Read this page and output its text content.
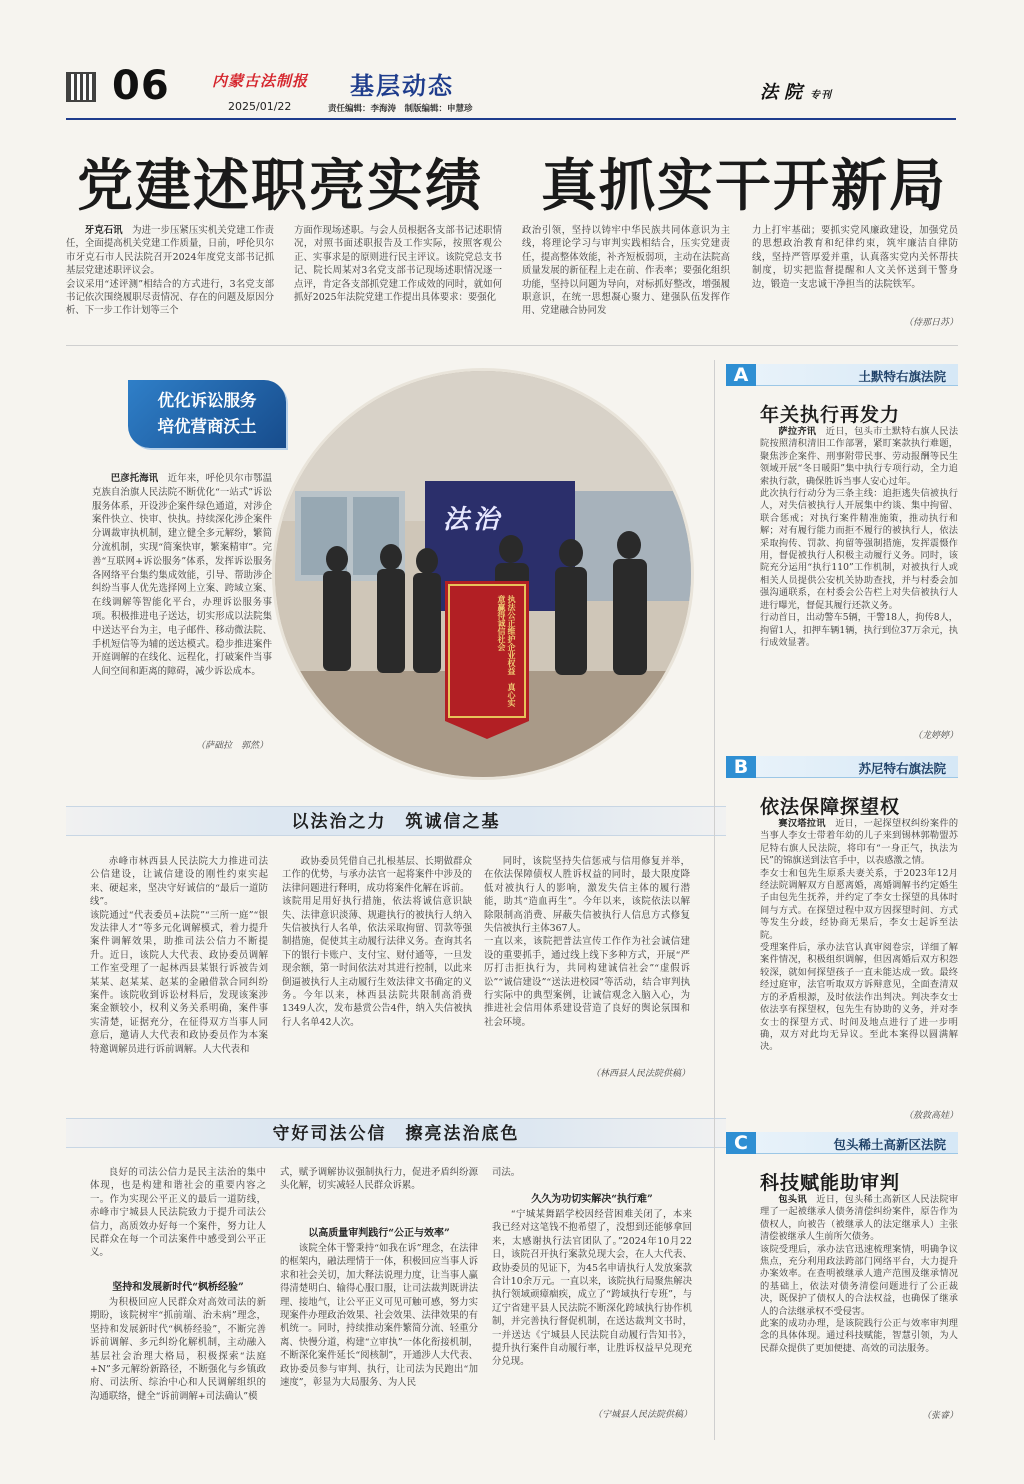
06	内蒙古法制报
2025/01/22
基层动态
责任编辑：李海涛　制版编辑：申慧珍
法院 专刊
党建述职亮实绩　真抓实干开新局
牙克石讯　 为进一步压紧压实机关党建工作责任，全面提高机关党建工作质量，日前，呼伦贝尔市牙克石市人民法院召开2024年度党支部书记抓基层党建述职评议会。
会议采用“述评测”相结合的方式进行，3名党支部书记依次围绕履职尽责情况、存在的问题及原因分析、下一步工作计划等三个
方面作现场述职。与会人员根据各支部书记述职情况，对照书面述职报告及工作实际，按照客观公正、实事求是的原则进行民主评议。该院党总支书记、院长周某对3名党支部书记现场述职情况逐一点评，肯定各支部抓党建工作成效的同时，就如何抓好2025年法院党建工作提出具体要求：要强化
政治引领，坚持以铸牢中华民族共同体意识为主线，将理论学习与审判实践相结合，压实党建责任，提高整体效能，补齐短板弱项，主动在法院高质量发展的新征程上走在前、作表率；要强化组织功能，坚持以问题为导向，对标抓好整改，增强履职意识，在统一思想凝心聚力、建强队伍发挥作用、党建融合协同发
力上打牢基础；要抓实党风廉政建设，加强党员的思想政治教育和纪律约束，筑牢廉洁自律防线，坚持严管厚爱并重，认真落实党内关怀帮扶制度，切实把监督提醒和人文关怀送到干警身边，锻造一支忠诚干净担当的法院铁军。
（侍那日苏）
优化诉讼服务
培优营商沃土
法治
执法公正维护企业权益　真心实意赢得诚信社会
巴彦托海讯　 近年来，呼伦贝尔市鄂温克族自治旗人民法院不断优化“一站式”诉讼服务体系，开设涉企案件绿色通道，对涉企案件快立、快审、快执。持续深化涉企案件分调裁审执机制，建立健全多元解纷，繁简分流机制，实现“简案快审，繁案精审”。完善“互联网+诉讼服务”体系，发挥诉讼服务各网络平台集约集成效能，引导、帮助涉企纠纷当事人优先选择网上立案、跨域立案、在线调解等智能化平台，办理诉讼服务事项。积极推进电子送达，切实形成以法院集中送达平台为主，电子邮件、移动微法院、手机短信等为辅的送达模式。稳步推进案件开庭调解的在线化、远程化，打破案件当事人间空间和距离的障碍，减少诉讼成本。
（萨础拉　郭然）
以法治之力　筑诚信之基
赤峰市林西县人民法院大力推进司法公信建设，让诚信建设的刚性约束实起来、硬起来，坚决守好诚信的“最后一道防线”。
该院通过“代表委员+法院”“三所一庭”“银发法律人才”等多元化调解模式，着力提升案件调解效果，助推司法公信力不断提升。近日，该院人大代表、政协委员调解工作室受理了一起林西县某银行诉被告刘某某、赵某某、赵某的金融借款合同纠纷案件。该院收到诉讼材料后，发现该案涉案金额较小，权利义务关系明确，案件事实清楚，证据充分，在征得双方当事人同意后，邀请人大代表和政协委员作为本案特邀调解员进行诉前调解。人大代表和
政协委员凭借自己扎根基层、长期做群众工作的优势，与承办法官一起将案件中涉及的法律问题进行释明，成功将案件化解在诉前。
该院用足用好执行措施，依法将诚信意识缺失、法律意识淡薄、规避执行的被执行人纳入失信被执行人名单，依法采取拘留、罚款等强制措施，促使其主动履行法律义务。查询其名下的银行卡账户、支付宝、财付通等，一旦发现余额，第一时间依法对其进行控制，以此来倒逼被执行人主动履行生效法律文书确定的义务。今年以来，林西县法院共限制高消费1349人次，发布悬赏公告4件，纳入失信被执行人名单42人次。
同时，该院坚持失信惩戒与信用修复并举，在依法保障债权人胜诉权益的同时，最大限度降低对被执行人的影响，激发失信主体的履行潜能，助其“造血再生”。今年以来，该院依法以解除限制高消费、屏蔽失信被执行人信息方式修复失信被执行主体367人。
一直以来，该院把普法宣传工作作为社会诚信建设的重要抓手，通过线上线下多种方式，开展“严厉打击拒执行为，共同构建诚信社会”“虚假诉讼”“诚信建设”“送法进校园”等活动，结合审判执行实际中的典型案例，让诚信观念入脑入心，为推进社会信用体系建设营造了良好的舆论氛围和社会环境。
（林西县人民法院供稿）
守好司法公信　擦亮法治底色
良好的司法公信力是民主法治的集中体现，也是构建和谐社会的重要内容之一。作为实现公平正义的最后一道防线，赤峰市宁城县人民法院致力于提升司法公信力，高质效办好每一个案件，努力让人民群众在每一个司法案件中感受到公平正义。
坚持和发展新时代“枫桥经验”
为积极回应人民群众对高效司法的新期盼，该院树牢“抓前端、治未病”理念，坚持和发展新时代“枫桥经验”，不断完善诉前调解、多元纠纷化解机制，主动融入基层社会治理大格局，积极探索“法庭+N”多元解纷新路径，不断强化与乡镇政府、司法所、综治中心和人民调解组织的沟通联络，健全“诉前调解+司法确认”模
式，赋予调解协议强制执行力，促进矛盾纠纷源头化解，切实减轻人民群众诉累。
以高质量审判践行“公正与效率”
该院全体干警秉持“如我在诉”理念，在法律的框架内，融法理情于一体，积极回应当事人诉求和社会关切，加大释法说理力度，让当事人赢得清楚明白、输得心服口服，让司法裁判既讲法理、接地气，让公平正义可见可触可感，努力实现案件办理政治效果、社会效果、法律效果的有机统一。同时，持续推动案件繁简分流、轻重分离、快慢分道，构建“立审执”一体化衔接机制，不断深化案件延长“阅核制”，开通涉人大代表、政协委员参与审判、执行，让司法为民跑出“加速度”，彰显为大局服务、为人民
司法。
久久为功切实解决“执行难”
“宁城某舞蹈学校因经营困难关闭了，本来我已经对这笔钱不抱希望了，没想到还能够拿回来，太感谢执行法官团队了。”2024年10月22日，该院召开执行案款兑现大会，在人大代表、政协委员的见证下，为45名申请执行人发放案款合计10余万元。一直以来，该院执行局聚焦解决执行领域顽瘴痼疾，成立了“跨域执行专班”，与辽宁省建平县人民法院不断深化跨域执行协作机制，并完善执行督促机制，在送达裁判文书时，一并送达《宁城县人民法院自动履行告知书》，提升执行案件自动履行率，让胜诉权益早兑现充分兑现。
（宁城县人民法院供稿）
土默特右旗法院
A
年关执行再发力
萨拉齐讯　 近日，包头市土默特右旗人民法院按照清积清旧工作部署，紧盯案款执行难题，聚焦涉企案件、刑事附带民事、劳动报酬等民生领域开展“冬日暖阳”集中执行专项行动，全力追索执行款，确保胜诉当事人安心过年。
此次执行行动分为三条主线：追拒逃失信被执行人，对失信被执行人开展集中约谈、集中拘留、联合惩戒；对执行案件精准施策，推动执行和解；对有履行能力而拒不履行的被执行人，依法采取拘传、罚款、拘留等强制措施，发挥震慑作用，督促被执行人积极主动履行义务。同时，该院充分运用“执行110”工作机制，对被执行人或相关人员提供公安机关协助查找，并与村委会加强沟通联系，在村委会公告栏上对失信被执行人进行曝光，督促其履行还款义务。
行动首日，出动警车5辆，干警18人，拘传8人，拘留1人，扣押车辆1辆，执行到位37万余元，执行成效显著。
（龙婷婷）
苏尼特右旗法院
B
依法保障探望权
赛汉塔拉讯　 近日，一起探望权纠纷案件的当事人李女士带着年幼的儿子来到锡林郭勒盟苏尼特右旗人民法院，将印有“一身正气，执法为民”的锦旗送到法官手中，以表感激之情。
李女士和包先生原系夫妻关系，于2023年12月经法院调解双方自愿离婚，离婚调解书约定婚生子由包先生抚养，并约定了李女士探望的具体时间与方式。在探望过程中双方因探望时间、方式等发生分歧，经协商无果后，李女士起诉至法院。
受理案件后，承办法官认真审阅卷宗，详细了解案件情况，积极组织调解，但因离婚后双方积怨较深，就如何探望孩子一直未能达成一致。最终经过庭审，法官听取双方诉辩意见，全面查清双方的矛盾根源，及时依法作出判决。判决李女士依法享有探望权，包先生有协助的义务，并对李女士的探望方式、时间及地点进行了进一步明确，双方对此均无异议。至此本案得以圆满解决。
（敖敦高娃）
包头稀土高新区法院
C
科技赋能助审判
包头讯　 近日，包头稀土高新区人民法院审理了一起被继承人债务清偿纠纷案件，原告作为债权人，向被告（被继承人的法定继承人）主张清偿被继承人生前所欠债务。
该院受理后，承办法官迅速梳理案情，明确争议焦点，充分利用政法跨部门网络平台，大力提升办案效率。在查明被继承人遗产范围及继承情况的基础上，依法对债务清偿问题进行了公正裁决，既保护了债权人的合法权益，也确保了继承人的合法继承权不受侵害。
此案的成功办理，是该院践行公正与效率审判理念的具体体现。通过科技赋能，智慧引领，为人民群众提供了更加便捷、高效的司法服务。
（张睿）
